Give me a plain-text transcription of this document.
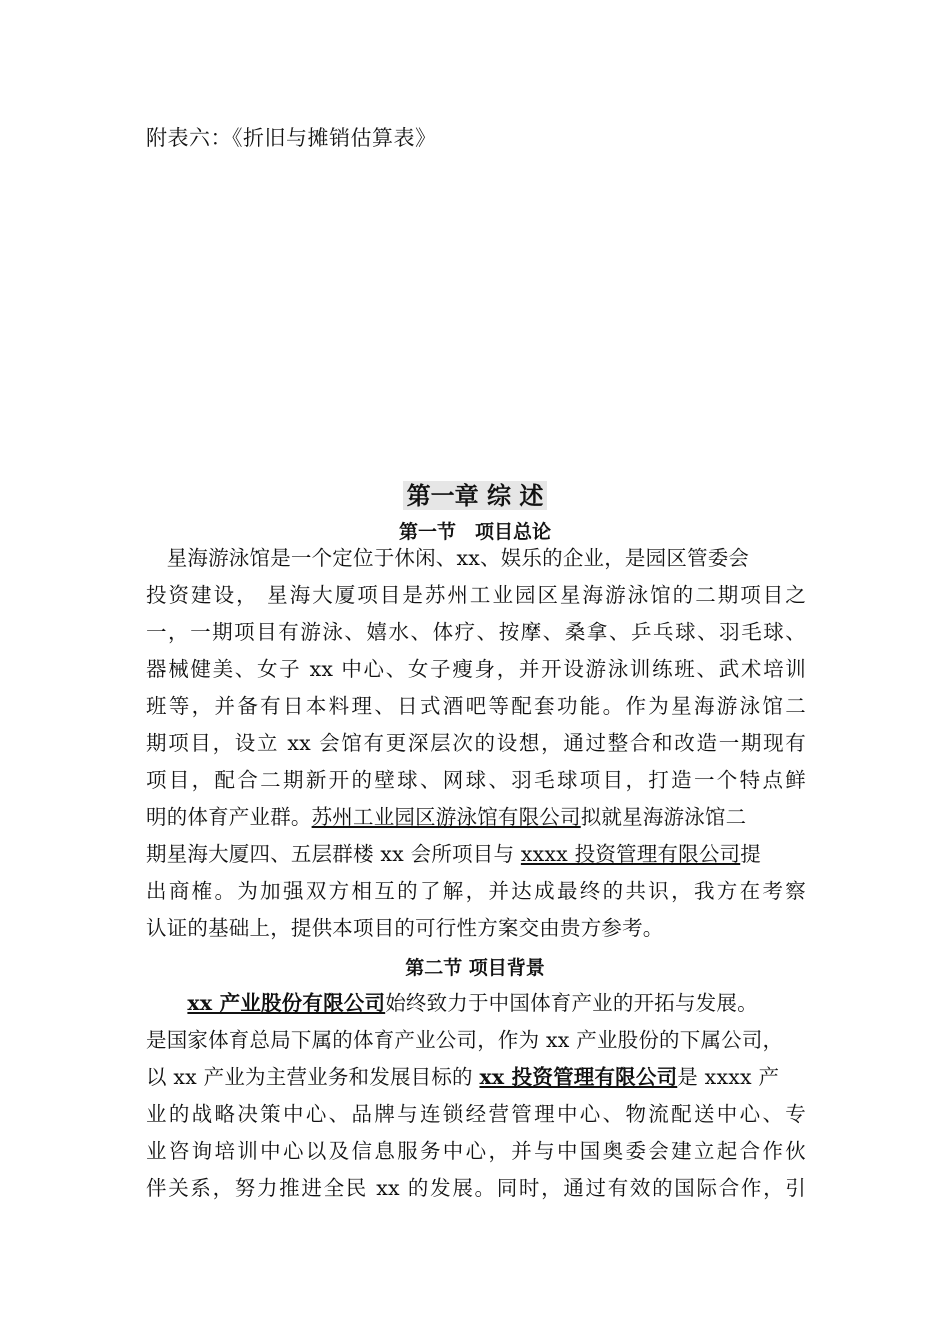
附表六：《折旧与摊销估算表》
第一章 综 述
第一节　项目总论
　星海游泳馆是一个定位于休闲、xx、娱乐的企业，是园区管委会
投资建设， 星海大厦项目是苏州工业园区星海游泳馆的二期项目之
一，一期项目有游泳、嬉水、体疗、按摩、桑拿、乒乓球、羽毛球、
器械健美、女子 xx 中心、女子瘦身，并开设游泳训练班、武术培训
班等，并备有日本料理、日式酒吧等配套功能。作为星海游泳馆二
期项目，设立 xx 会馆有更深层次的设想，通过整合和改造一期现有
项目，配合二期新开的壁球、网球、羽毛球项目，打造一个特点鲜
明的体育产业群。苏州工业园区游泳馆有限公司拟就星海游泳馆二
期星海大厦四、五层群楼 xx 会所项目与 xxxx 投资管理有限公司提
出商榷。为加强双方相互的了解，并达成最终的共识，我方在考察
认证的基础上，提供本项目的可行性方案交由贵方参考。
第二节 项目背景
　　xx 产业股份有限公司始终致力于中国体育产业的开拓与发展。
是国家体育总局下属的体育产业公司，作为 xx 产业股份的下属公司，
以 xx 产业为主营业务和发展目标的 xx 投资管理有限公司是 xxxx 产
业的战略决策中心、品牌与连锁经营管理中心、物流配送中心、专
业咨询培训中心以及信息服务中心，并与中国奥委会建立起合作伙
伴关系，努力推进全民 xx 的发展。同时，通过有效的国际合作，引
